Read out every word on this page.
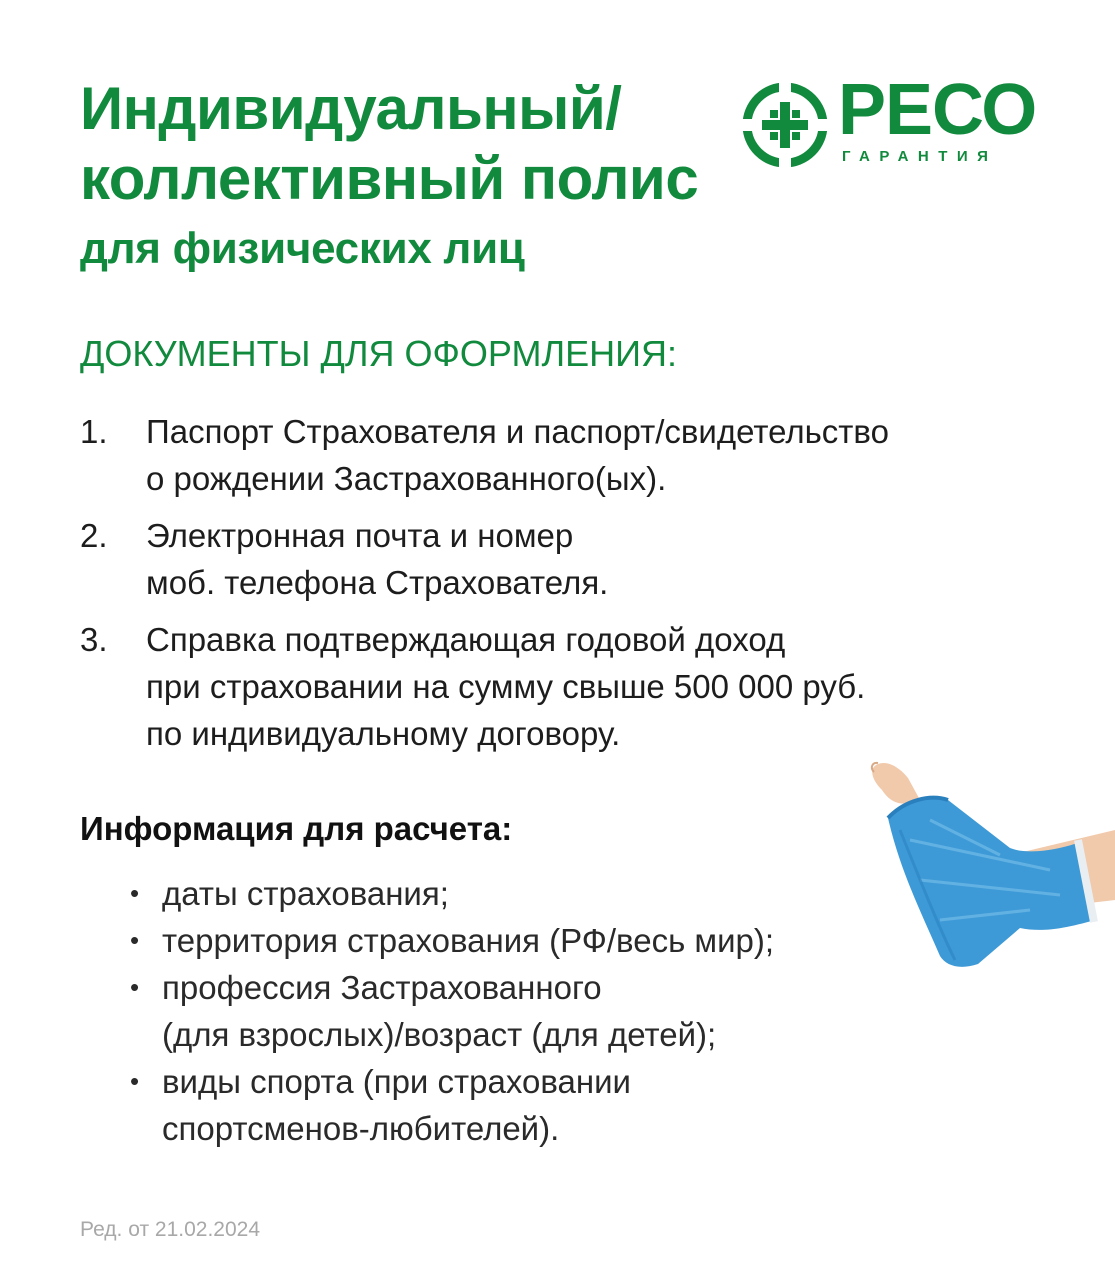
Индивидуальный/
коллективный полис
для физических лиц
РЕСО
ГАРАНТИЯ
ДОКУМЕНТЫ ДЛЯ ОФОРМЛЕНИЯ:
1. Паспорт Страхователя и паспорт/свидетельство
о рождении Застрахованного(ых).
2. Электронная почта и номер
моб. телефона Страхователя.
3. Справка подтверждающая годовой доход
при страховании на сумму свыше 500 000 руб.
по индивидуальному договору.
Информация для расчета:
• даты страхования;
• территория страхования (РФ/весь мир);
• профессия Застрахованного
(для взрослых)/возраст (для детей);
• виды спорта (при страховании
спортсменов-любителей).
Ред. от 21.02.2024
